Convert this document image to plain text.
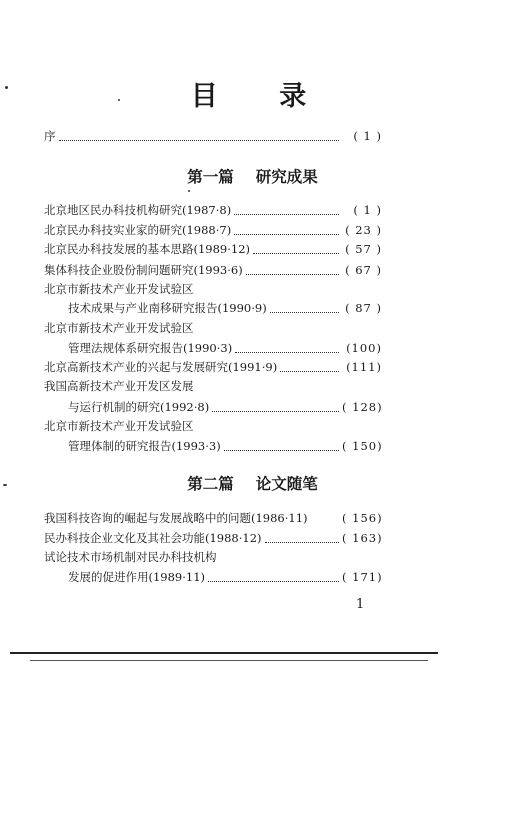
目 录
序	( 1 )
第一篇 研究成果
北京地区民办科技机构研究(1987·8)	( 1 )
北京民办科技实业家的研究(1988·7)	( 23 )
北京民办科技发展的基本思路(1989·12)	( 57 )
集体科技企业股份制问题研究(1993·6)	( 67 )
北京市新技术产业开发试验区
技术成果与产业南移研究报告(1990·9)	( 87 )
北京市新技术产业开发试验区
管理法规体系研究报告(1990·3)	(100)
北京高新技术产业的兴起与发展研究(1991·9)	(111)
我国高新技术产业开发区发展
与运行机制的研究(1992·8)	( 128)
北京市新技术产业开发试验区
管理体制的研究报告(1993·3)	( 150)
第二篇 论文随笔
我国科技咨询的崛起与发展战略中的问题(1986·11)	( 156)
民办科技企业文化及其社会功能(1988·12)	( 163)
试论技术市场机制对民办科技机构
发展的促进作用(1989·11)	( 171)
1
